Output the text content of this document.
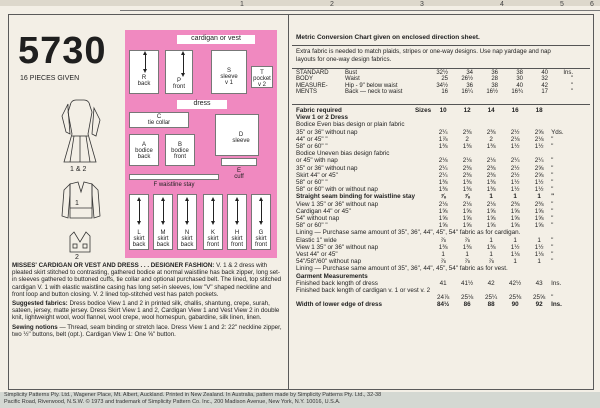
1	2	3	4	5	6
5730
16 PIECES GIVEN
1 & 2
1
2
cardigan or vest
R
back	P
front
S
sleeve
v 1
T
pocket
v 2
dress
C
tie collar
A
bodice
back
B
bodice
front
D
sleeve
E
cuff
F waistline stay
L
skirt
back
M
skirt
back
N
skirt
back
K
skirt
front
H
skirt
front
G
skirt
front

MISSES' CARDIGAN OR VEST AND DRESS . . . DESIGNER FASHION: V. 1 & 2 dress with pleated skirt stitched to contrasting, gathered bodice at normal waistline has back zipper, long set-in sleeves gathered to buttoned cuffs, tie collar and optional purchased belt. The lined, top stitched cardigan V. 1 with elastic waistline casing has long set-in sleeves, low "V" shaped neckline and front loop and button closing. V. 2 lined top-stitched vest has patch pockets.

Suggested fabrics: Dress bodice View 1 and 2 in printed silk, challis, shantung, crepe, surah, sateen, jersey, matte jersey. Dress Skirt View 1 and 2, Cardigan View 1 and Vest View 2 in double knit, lightweight wool, wool flannel, wool crepe, wool homespun, gabardine, silk linen, linen.

Sewing notions — Thread, seam binding or stretch lace. Dress View 1 and 2: 22" neckline zipper, two ½" buttons, belt (opt.). Cardigan View 1: One ⅝" button.

Metric Conversion Chart given on enclosed direction sheet.
Extra fabric is needed to match plaids, stripes or one-way designs. Use nap yardage and nap layouts for one-way design fabrics.
STANDARD	Bust	32½	34	36	38	40	Ins.
BODY	Waist	25	26½	28	30	32	"
MEASURE-	Hip - 9" below waist	34½	36	38	40	42	"
MENTS	Back — neck to waist	16	16¼	16½	16¾	17	"
Fabric required	Sizes	10	12	14	16	18	
View 1 or 2 Dress							
Bodice Even bias design or plain fabric							
35" or 36" without nap		2¼	2⅜	2⅜	2½	2⅝	Yds.
44" or 45" "		1⅞	2	2	2⅛	2⅛	"
58" or 60" "		1⅜	1⅜	1⅜	1½	1½	"
Bodice Uneven bias design fabric							
or 45" with nap		2⅛	2⅛	2⅛	2¼	2¼	"
35" or 36" without nap		2¼	2⅜	2⅜	2½	2⅝	"
Skirt 44" or 45"		2¼	2⅜	2⅜	2½	2⅝	"
58" or 60" "		1⅜	1⅜	1⅜	1½	1½	"
58" or 60" with or without nap		1⅜	1⅜	1⅜	1½	1½	"
Straight seam binding for waistline stay		⅞	⅞	1	1	1	"
View 1 35" or 36" without nap		2⅛	2⅛	2⅛	2⅜	2⅜	"
Cardigan 44" or 45"		1⅝	1⅝	1⅝	1⅝	1⅝	"
54" without nap		1⅝	1⅝	1⅝	1⅝	1⅝	"
58" or 60" "		1⅝	1⅝	1⅝	1⅝	1⅝	"
Lining — Purchase same amount of 35", 36", 44", 45", 54" fabric as for cardigan.							
Elastic 1" wide		⅞	⅞	1	1	1	"
View 1 35" or 36" without nap		1⅜	1⅜	1⅜	1½	1½	"
Vest 44" or 45"		1	1	1	1⅛	1⅛	"
54"/58"/60" without nap		⅞	⅞	⅞	1	1	"
Lining — Purchase same amount of 35", 36", 44", 45", 54" fabric as for vest.							
Garment Measurements							
Finished back length of dress		41	41½	42	42½	43	Ins.
Finished back length of cardigan v. 1 or vest v. 2							
		24⅞	25⅛	25¼	25⅜	25⅝	"
Width of lower edge of dress		84½	86	88	90	92	Ins.
Simplicity Patterns Pty. Ltd., Wagener Place, Mt. Albert, Auckland. Printed in New Zealand. In Australia, pattern made by Simplicity Patterns Pty. Ltd., 32-38
Pacific Road, Riverwood, N.S.W. © 1973 and trademark of Simplicity Pattern Co. Inc., 200 Madison Avenue, New York, N.Y. 10016, U.S.A.
